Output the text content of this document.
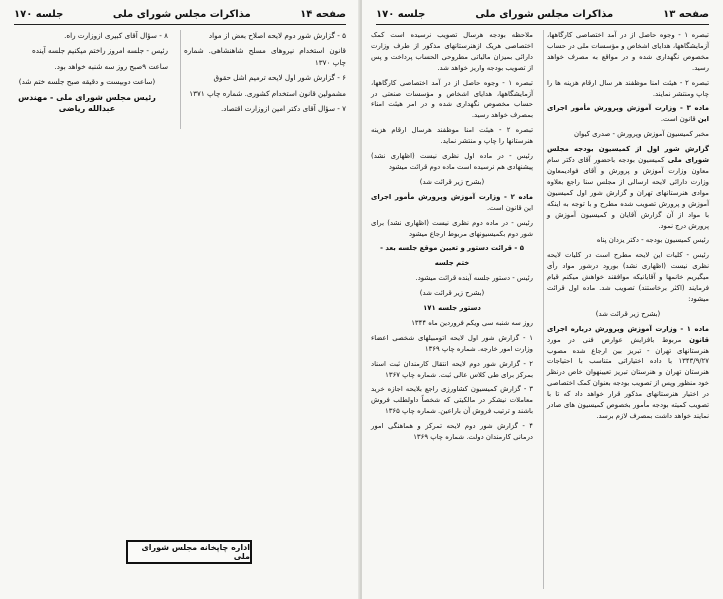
صفحه ۱۴
مذاکرات مجلس شورای ملی
جلسه ۱۷۰

۵ - گزارش شور دوم لایحه اصلاح بعض از مواد

قانون استخدام نیروهای مسلح شاهنشاهی. شماره چاپ ۱۳۷۰

۶ - گزارش شور اول لایحه ترمیم اشل حقوق

مشمولین قانون استخدام کشوری. شماره چاپ ۱۳۷۱

۷ - سؤال آقای دکتر امین ازوزارت اقتصاد.

۸ - سؤال آقای کبیری ازوزارت راه.

رئیس - جلسه امروز راختم میکنیم جلسه آینده

ساعت ۹صبح روز سه شنبه خواهد بود.

(ساعت دوبیست و دقیقه صبح جلسه ختم شد)

رئیس مجلس شورای ملی - مهندس عبدالله ریاضی

اداره چاپخانه مجلس شورای ملی
صفحه ۱۳
مذاکرات مجلس شورای ملی
جلسه ۱۷۰

تبصره ۱ - وجوه حاصل از در آمد اختصاصی کارگاهها، آزمایشگاهها، هدایای اشخاص و مؤسسات ملی در حساب مخصوص نگهداری شده و در مواقع به مصرف خواهد رسید.

تبصره ۲ - هیئت امنا موظفند هر سال ارقام هزینه ها را چاپ ومنتشر نمایند.

ماده ۳ - وزارت آموزش وپرورش مأمور اجرای این قانون است.

مخبر کمیسیون آموزش وپرورش - صدری کیوان

گزارش شور اول از کمیسیون بودجه مجلس شورای ملی کمیسیون بودجه باحضور آقای دکتر سام معاون وزارت آموزش و پرورش و آقای فوادیمعاون وزارت دارائی لایحه ارسالی از مجلس سنا راجع بعلاوه موادی هنرستانهای تهران و گزارش شور اول کمیسیون آموزش و پرورش تصویب شده مطرح و با توجه به اینکه با مواد از آن گزارش آقایان و کمیسیون آموزش و پرورش درج نمود.

رئیس کمیسیون بودجه - دکتر یزدان پناه

رئیس - کلیات این لایحه مطرح است در کلیات لایحه نظری نیست (اظهاری نشد) بورود درشور مواد رأی میگیریم خانمها و آقایانیکه موافقند خواهش میکنم قیام فرمایند (اکثر برخاستند) تصویب شد. ماده اول قرائت میشود:

(بشرح زیر قرائت شد)

ماده ۱ - وزارت آموزش وپرورش درباره اجرای قانون مربوط بافزایش عوارض فنی در مورد هنرستانهای تهران - تبریز بین ارجاع شده مصوب ۱۳۴۳/۹/۲۷ با داده اختیاراتی متناسب با احتیاجات هنرستان تهران و هنرستان تبریز تعیینهوان خاص درنظر خود منظور وپس از تصویب بودجه بعنوان کمک اختصاصی در اختیار هنرستانهای مذکور قرار خواهد داد که تا با تصویب کمیته بودجه مأمور بخصوص کمیسیون های صادر نمایند خواهد داشت بمصرف لازم برسد.

ملاحظه بودجه هرسال تصویب نرسیده است کمک اختصاصی هریک ازهنرستانهای مذکور از طرف وزارت دارائی بمیزان مالیاتی مطروحی الحساب پرداخت و پس از تصویب بودجه واریز خواهد شد.

تبصره ۱ - وجوه حاصل از در آمد اختصاصی کارگاهها، آزمایشگاهها، هدایای اشخاص و مؤسسات صنعتی در حساب مخصوص نگهداری شده و در امر هیئت امناء بمصرف خواهد رسید.

تبصره ۲ - هیئت امنا موظفند هرسال ارقام هزینه هنرستانها را چاپ و منتشر نماید.

رئیس - در ماده اول نظری نیست (اظهاری نشد) پیشنهادی هم نرسیده است ماده دوم قرائت میشود

(بشرح زیر قرائت شد)

ماده ۲ - وزارت آموزش وپرورش مأمور اجرای این قانون است.

رئیس - در ماده دوم نظری نیست (اظهاری نشد) برای شور دوم بکمیسیونهای مربوط ارجاع میشود

۵ - قرائت دستور و تعیین موقع جلسه بعد -

ختم جلسه

رئیس - دستور جلسه آینده قرائت میشود.

(بشرح زیر قرائت شد)

دستور جلسه ۱۷۱

روز سه شنبه سی ویکم فروردین ماه ۱۳۴۴

۱ - گزارش شور اول لایحه اتومبیلهای شخصی اعضاء وزارت امور خارجه. شماره چاپ ۱۳۶۹

۲ - گزارش شور دوم لایحه انتقال کارمندان ثبت اسناد بمرکز برای طی کلاس عالی ثبت. شماره چاپ ۱۳۶۷

۳ - گزارش کمیسیون کشاورزی راجع بلایحه اجازه خرید معاملات نیشکر در مالکیتی که شخصاً داولطلب فروش باشند و ترتیب فروش آن باراعین. شماره چاپ ۱۳۶۵

۴ - گزارش شور دوم لایحه تمرکز و هماهنگی امور درمانی کارمندان دولت. شماره چاپ ۱۳۶۹
